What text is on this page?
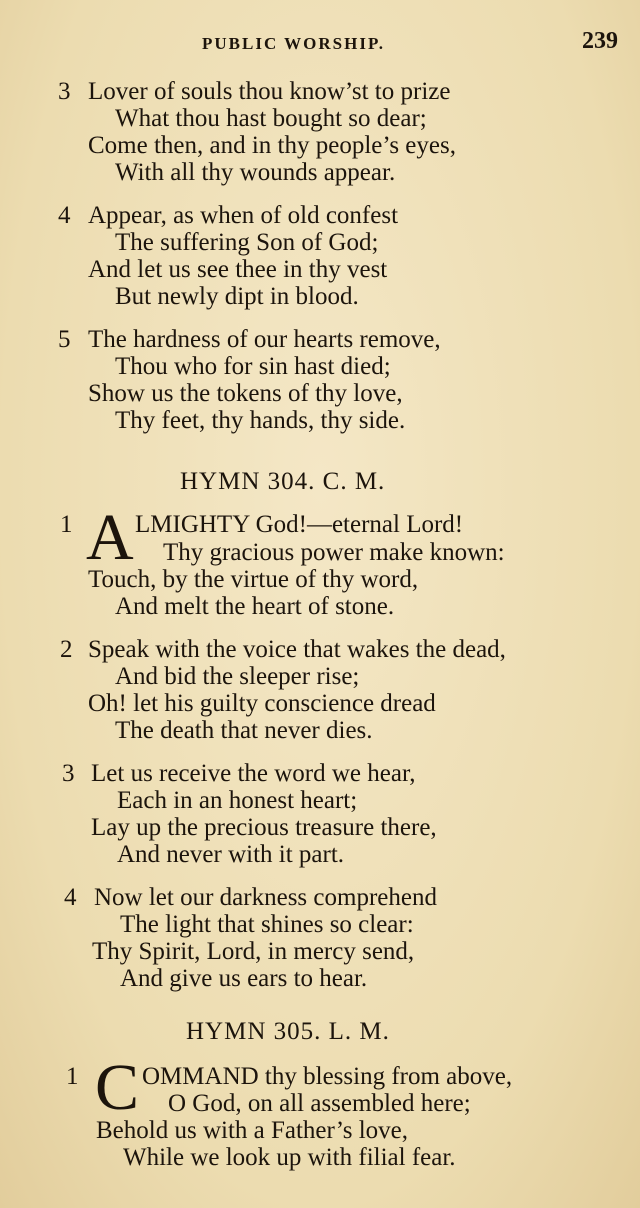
PUBLIC WORSHIP.	239
3 Lover of souls thou know’st to prize
What thou hast bought so dear;
Come then, and in thy people’s eyes,
With all thy wounds appear.
4 Appear, as when of old confest
The suffering Son of God;
And let us see thee in thy vest
But newly dipt in blood.
5 The hardness of our hearts remove,
Thou who for sin hast died;
Show us the tokens of thy love,
Thy feet, thy hands, thy side.
HYMN 304. C. M.
1 A LMIGHTY God!—eternal Lord!
Thy gracious power make known:
Touch, by the virtue of thy word,
And melt the heart of stone.
2 Speak with the voice that wakes the dead,
And bid the sleeper rise;
Oh! let his guilty conscience dread
The death that never dies.
3 Let us receive the word we hear,
Each in an honest heart;
Lay up the precious treasure there,
And never with it part.
4 Now let our darkness comprehend
The light that shines so clear:
Thy Spirit, Lord, in mercy send,
And give us ears to hear.
HYMN 305. L. M.
1 C OMMAND thy blessing from above,
O God, on all assembled here;
Behold us with a Father’s love,
While we look up with filial fear.
